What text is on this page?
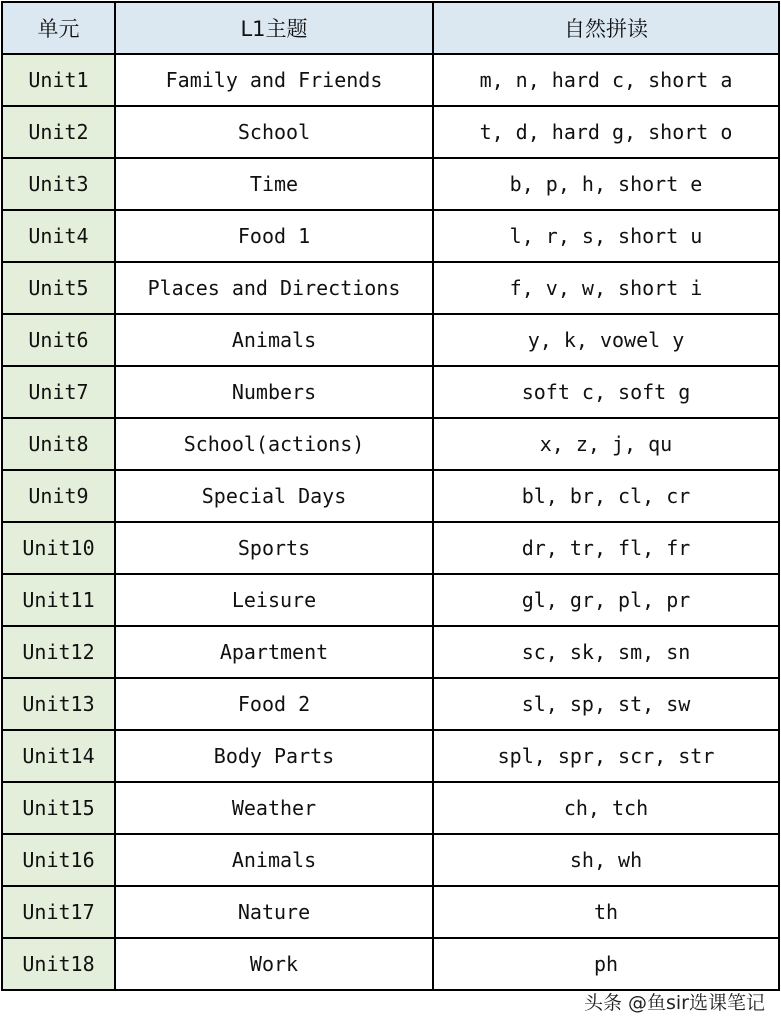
单元	L1主题	自然拼读
Unit1	Family and Friends	m, n, hard c, short a
Unit2	School	t, d, hard g, short o
Unit3	Time	b, p, h, short e
Unit4	Food 1	l, r, s, short u
Unit5	Places and Directions	f, v, w, short i
Unit6	Animals	y, k, vowel y
Unit7	Numbers	soft c, soft g
Unit8	School(actions)	x, z, j, qu
Unit9	Special Days	bl, br, cl, cr
Unit10	Sports	dr, tr, fl, fr
Unit11	Leisure	gl, gr, pl, pr
Unit12	Apartment	sc, sk, sm, sn
Unit13	Food 2	sl, sp, st, sw
Unit14	Body Parts	spl, spr, scr, str
Unit15	Weather	ch, tch
Unit16	Animals	sh, wh
Unit17	Nature	th
Unit18	Work	ph
头条 @鱼sir选课笔记
